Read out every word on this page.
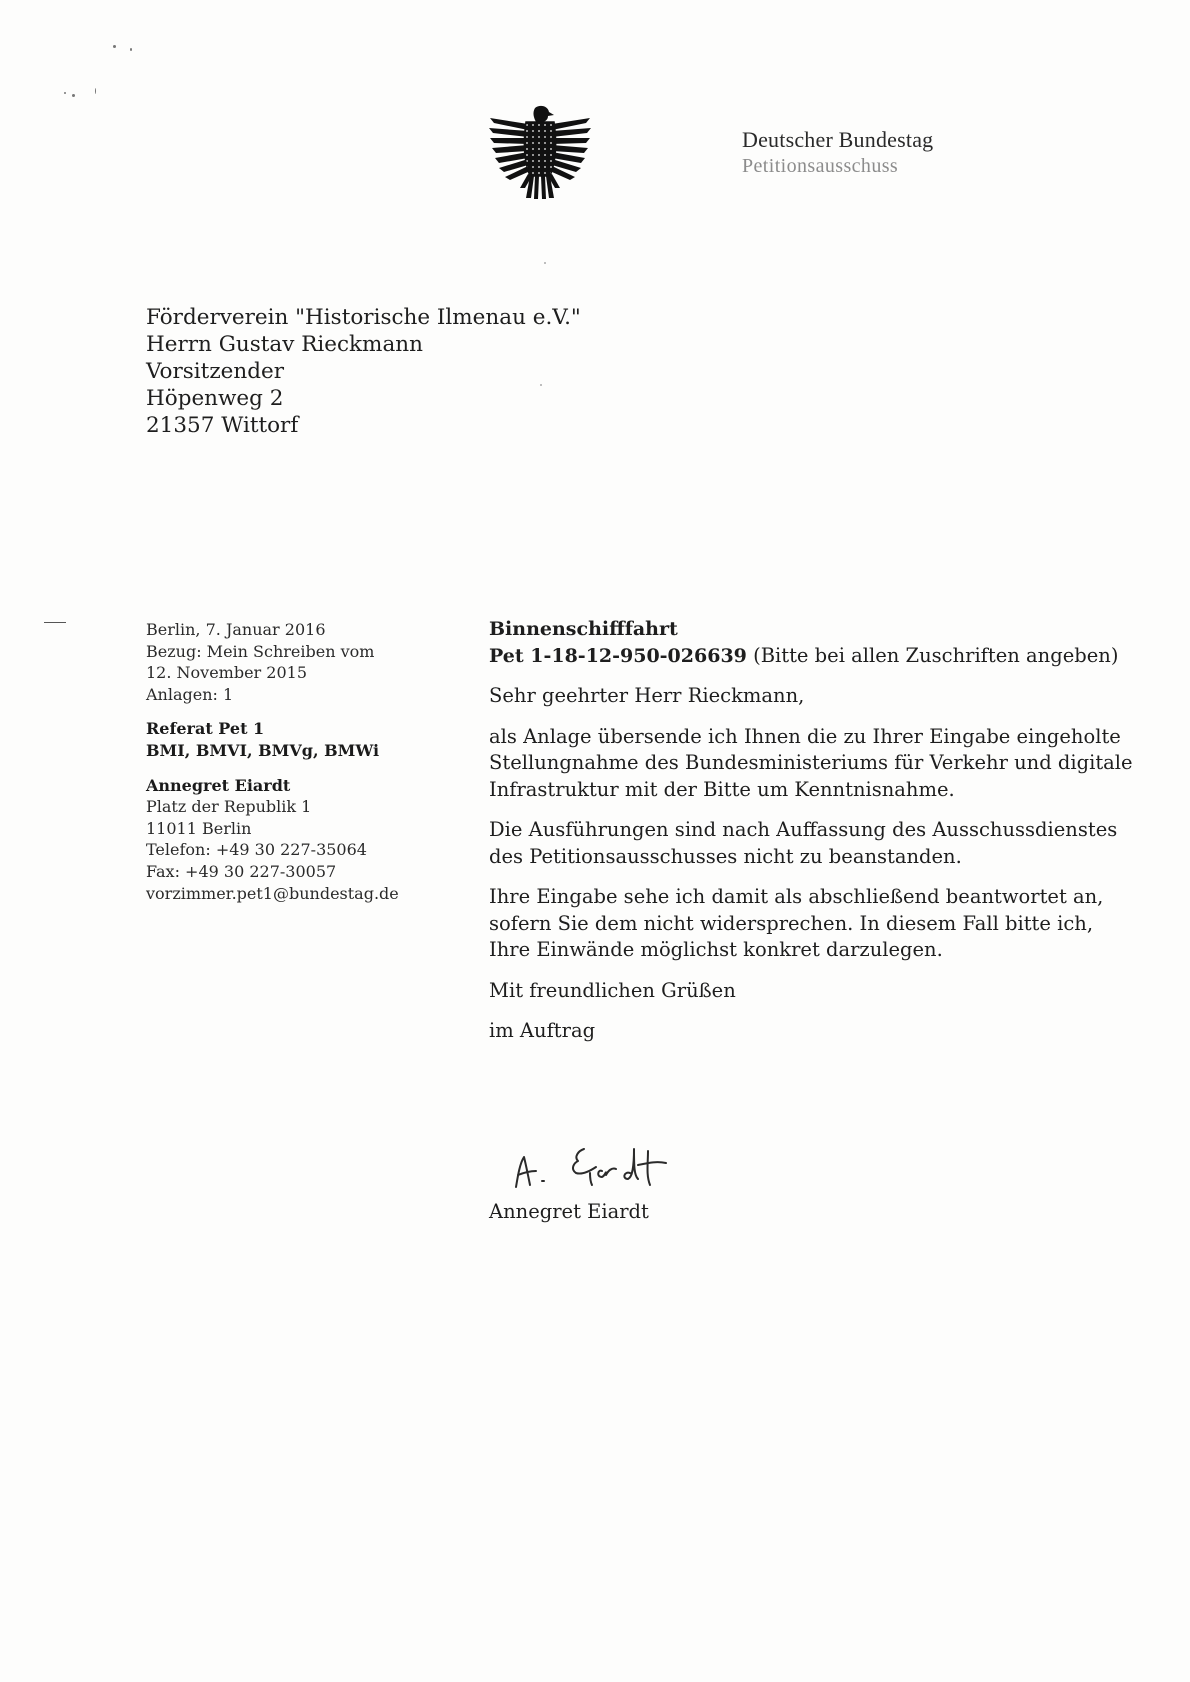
Deutscher Bundestag
Petitionsausschuss
Förderverein "Historische Ilmenau e.V."
Herrn Gustav Rieckmann
Vorsitzender
Höpenweg 2
21357 Wittorf
Berlin, 7. Januar 2016
Bezug: Mein Schreiben vom
12. November 2015
Anlagen: 1
Referat Pet 1
BMI, BMVI, BMVg, BMWi
Annegret Eiardt
Platz der Republik 1
11011 Berlin
Telefon: +49 30 227-35064
Fax: +49 30 227-30057
vorzimmer.pet1@bundestag.de
Binnenschifffahrt
Pet 1-18-12-950-026639 (Bitte bei allen Zuschriften angeben)

Sehr geehrter Herr Rieckmann,

als Anlage übersende ich Ihnen die zu Ihrer Eingabe eingeholte
Stellungnahme des Bundesministeriums für Verkehr und digitale
Infrastruktur mit der Bitte um Kenntnisnahme.

Die Ausführungen sind nach Auffassung des Ausschussdienstes
des Petitionsausschusses nicht zu beanstanden.

Ihre Eingabe sehe ich damit als abschließend beantwortet an,
sofern Sie dem nicht widersprechen. In diesem Fall bitte ich,
Ihre Einwände möglichst konkret darzulegen.

Mit freundlichen Grüßen

im Auftrag

Annegret Eiardt
